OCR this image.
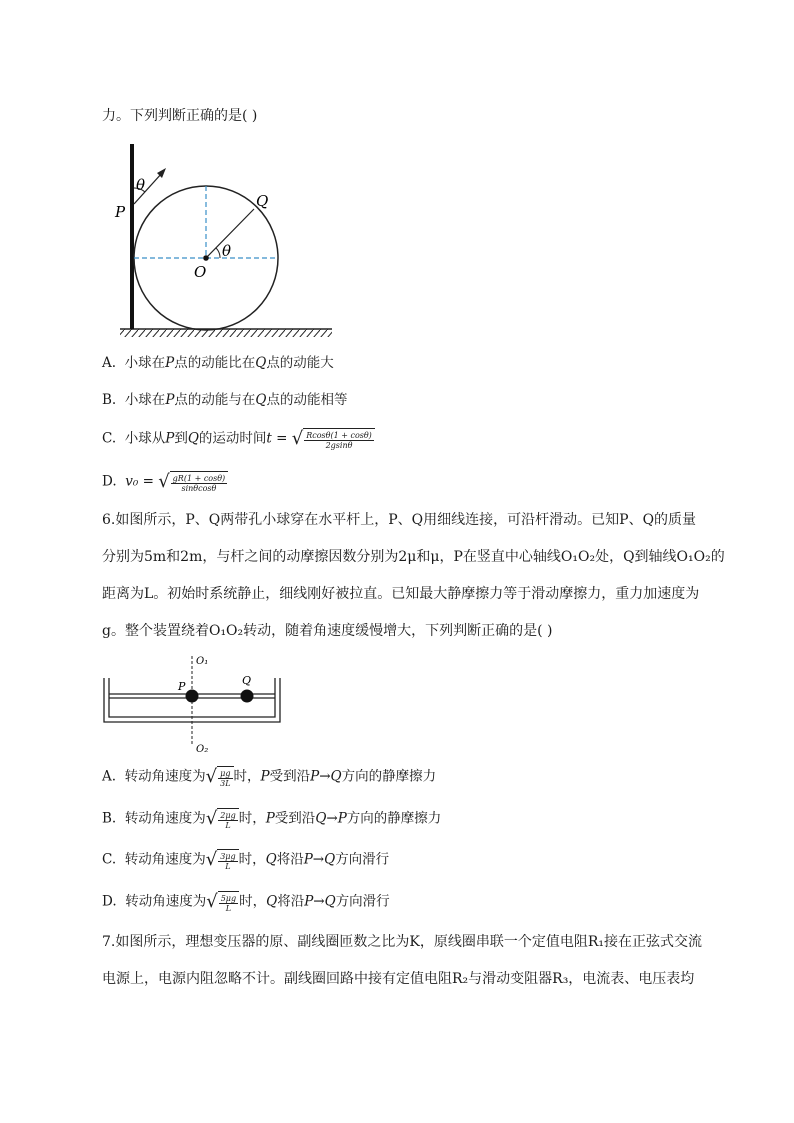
力。下列判断正确的是( )
P
θ
Q
θ
O
A. 小球在P点的动能比在Q点的动能大
B. 小球在P点的动能与在Q点的动能相等
C. 小球从P到Q的运动时间t = √ $\frac{Rcos\theta(1 + \cos\theta)}{2gsin\theta}$
D. v₀ = √ $\frac{gR(1 + \cos\theta)}{\sin\theta\cos\theta}$
6.如图所示，P、Q两带孔小球穿在水平杆上，P、Q用细线连接，可沿杆滑动。已知P、Q的质量
分别为5m和2m，与杆之间的动摩擦因数分别为2μ和μ，P在竖直中心轴线O₁O₂处，Q到轴线O₁O₂的
距离为L。初始时系统静止，细线刚好被拉直。已知最大静摩擦力等于滑动摩擦力，重力加速度为
g。整个装置绕着O₁O₂转动，随着角速度缓慢增大，下列判断正确的是( )
O₁
O₂
P	Q
A. 转动角速度为 √ $\frac{\mu g}{3L}$ 时，P受到沿P→Q方向的静摩擦力
B. 转动角速度为 √ $\frac{2\mu g}{L}$ 时，P受到沿Q→P方向的静摩擦力
C. 转动角速度为 √ $\frac{3\mu g}{L}$ 时，Q将沿P→Q方向滑行
D. 转动角速度为 √ $\frac{5\mu g}{L}$ 时，Q将沿P→Q方向滑行
7.如图所示，理想变压器的原、副线圈匝数之比为K，原线圈串联一个定值电阻R₁接在正弦式交流
电源上，电源内阻忽略不计。副线圈回路中接有定值电阻R₂与滑动变阻器R₃，电流表、电压表均
